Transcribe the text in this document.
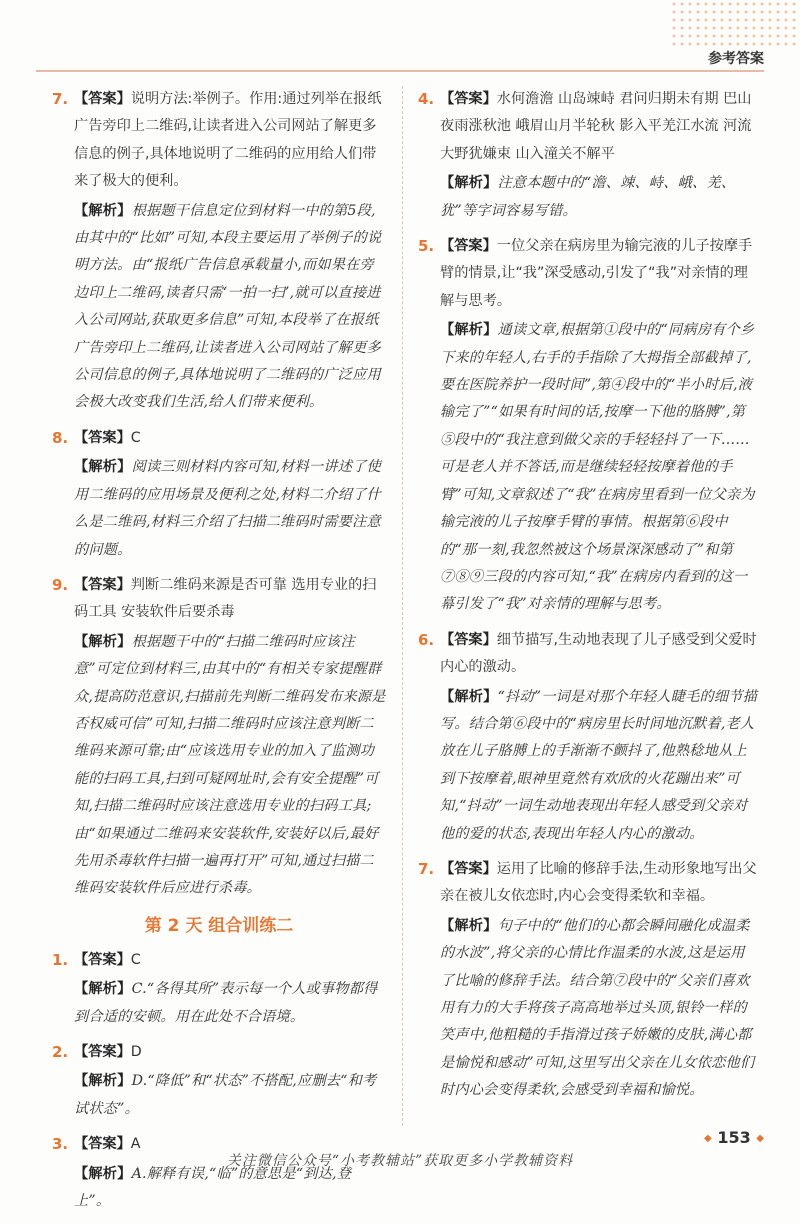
参考答案
7. 【答案】说明方法:举例子。作用:通过列举在报纸广告旁印上二维码,让读者进入公司网站了解更多信息的例子,具体地说明了二维码的应用给人们带来了极大的便利。
【解析】根据题干信息定位到材料一中的第5段,由其中的“比如”可知,本段主要运用了举例子的说明方法。由“报纸广告信息承载量小,而如果在旁边印上二维码,读者只需‘一拍一扫’,就可以直接进入公司网站,获取更多信息”可知,本段举了在报纸广告旁印上二维码,让读者进入公司网站了解更多公司信息的例子,具体地说明了二维码的广泛应用会极大改变我们生活,给人们带来便利。
8. 【答案】C
【解析】阅读三则材料内容可知,材料一讲述了使用二维码的应用场景及便利之处,材料二介绍了什么是二维码,材料三介绍了扫描二维码时需要注意的问题。
9. 【答案】判断二维码来源是否可靠 选用专业的扫码工具 安装软件后要杀毒
【解析】根据题干中的“扫描二维码时应该注意”可定位到材料三,由其中的“有相关专家提醒群众,提高防范意识,扫描前先判断二维码发布来源是否权威可信”可知,扫描二维码时应该注意判断二维码来源可靠;由“应该选用专业的加入了监测功能的扫码工具,扫到可疑网址时,会有安全提醒”可知,扫描二维码时应该注意选用专业的扫码工具;由“如果通过二维码来安装软件,安装好以后,最好先用杀毒软件扫描一遍再打开”可知,通过扫描二维码安装软件后应进行杀毒。
第 2 天 组合训练二
1. 【答案】C
【解析】C.“各得其所”表示每一个人或事物都得到合适的安顿。用在此处不合语境。
2. 【答案】D
【解析】D.“降低”和“状态”不搭配,应删去“和考试状态”。
3. 【答案】A
【解析】A.解释有误,“临”的意思是“到达,登上”。
4. 【答案】水何澹澹 山岛竦峙 君问归期未有期 巴山夜雨涨秋池 峨眉山月半轮秋 影入平羌江水流 河流大野犹嫌束 山入潼关不解平
【解析】注意本题中的“澹、竦、峙、峨、羌、犹”等字词容易写错。
5. 【答案】一位父亲在病房里为输完液的儿子按摩手臂的情景,让“我”深受感动,引发了“我”对亲情的理解与思考。
【解析】通读文章,根据第①段中的“同病房有个乡下来的年轻人,右手的手指除了大拇指全部截掉了,要在医院养护一段时间”,第④段中的“半小时后,液输完了”“如果有时间的话,按摩一下他的胳膊”,第⑤段中的“我注意到做父亲的手轻轻抖了一下……可是老人并不答话,而是继续轻轻按摩着他的手臂”可知,文章叙述了“我”在病房里看到一位父亲为输完液的儿子按摩手臂的事情。根据第⑥段中的“那一刻,我忽然被这个场景深深感动了”和第⑦⑧⑨三段的内容可知,“我”在病房内看到的这一幕引发了“我”对亲情的理解与思考。
6. 【答案】细节描写,生动地表现了儿子感受到父爱时内心的激动。
【解析】“抖动”一词是对那个年轻人睫毛的细节描写。结合第⑥段中的“病房里长时间地沉默着,老人放在儿子胳膊上的手渐渐不颤抖了,他熟稔地从上到下按摩着,眼神里竟然有欢欣的火花蹦出来”可知,“抖动”一词生动地表现出年轻人感受到父亲对他的爱的状态,表现出年轻人内心的激动。
7. 【答案】运用了比喻的修辞手法,生动形象地写出父亲在被儿女依恋时,内心会变得柔软和幸福。
【解析】句子中的“他们的心都会瞬间融化成温柔的水波”,将父亲的心情比作温柔的水波,这是运用了比喻的修辞手法。结合第⑦段中的“父亲们喜欢用有力的大手将孩子高高地举过头顶,银铃一样的笑声中,他粗糙的手指滑过孩子娇嫩的皮肤,满心都是愉悦和感动”可知,这里写出父亲在儿女依恋他们时内心会变得柔软,会感受到幸福和愉悦。
◆ 153 ◆
关注微信公众号“小考教辅站”获取更多小学教辅资料
